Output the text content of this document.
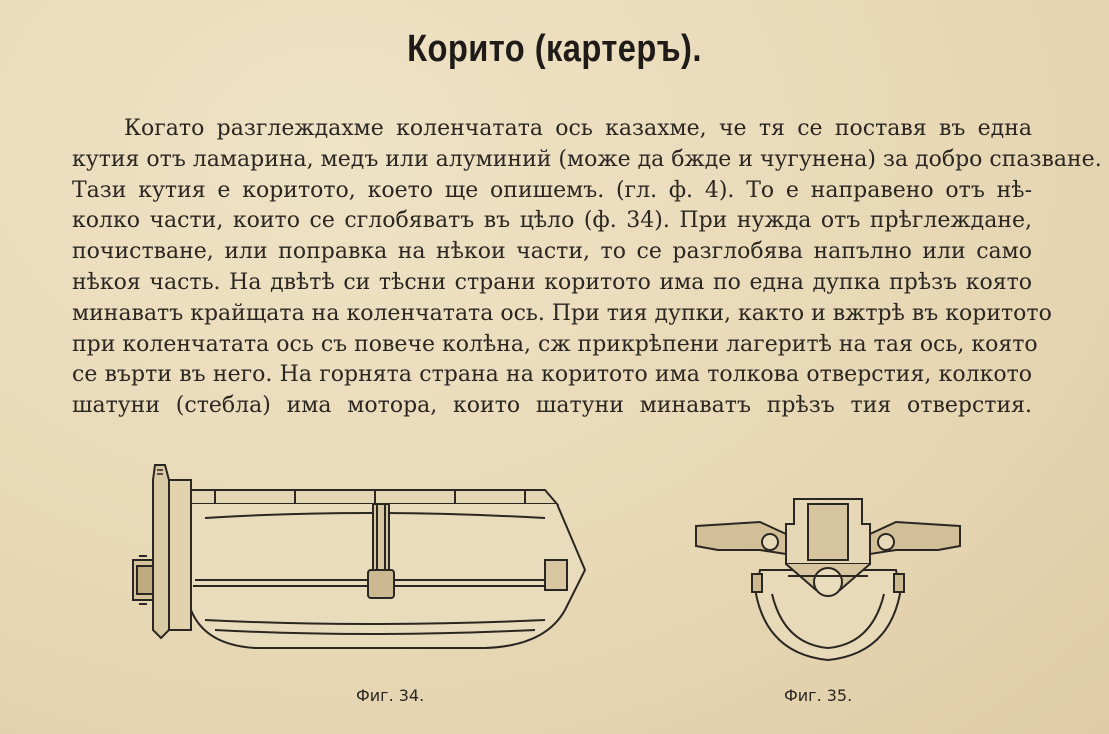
Корито (картеръ).
Когато разглеждахме коленчатата ось казахме, че тя се поставя въ една
кутия отъ ламарина, медъ или алуминий (може да бжде и чугунена) за добро спазване.
Тази кутия е коритото, което ще опишемъ. (гл. ф. 4). То е направено отъ нѣ-
колко части, които се сглобяватъ въ цѣло (ф. 34). При нужда отъ прѣглеждане,
почистване, или поправка на нѣкои части, то се разглобява напълно или само
нѣкоя часть. На двѣтѣ си тѣсни страни коритото има по една дупка прѣзъ която
минаватъ крайщата на коленчатата ось. При тия дупки, както и вжтрѣ въ коритото
при коленчатата ось съ повече колѣна, сж прикрѣпени лагеритѣ на тая ось, която
се върти въ него. На горнята страна на коритото има толкова отверстия, колкото
шатуни (стебла) има мотора, които шатуни минаватъ прѣзъ тия отверстия.
Фиг. 34.	Фиг. 35.
